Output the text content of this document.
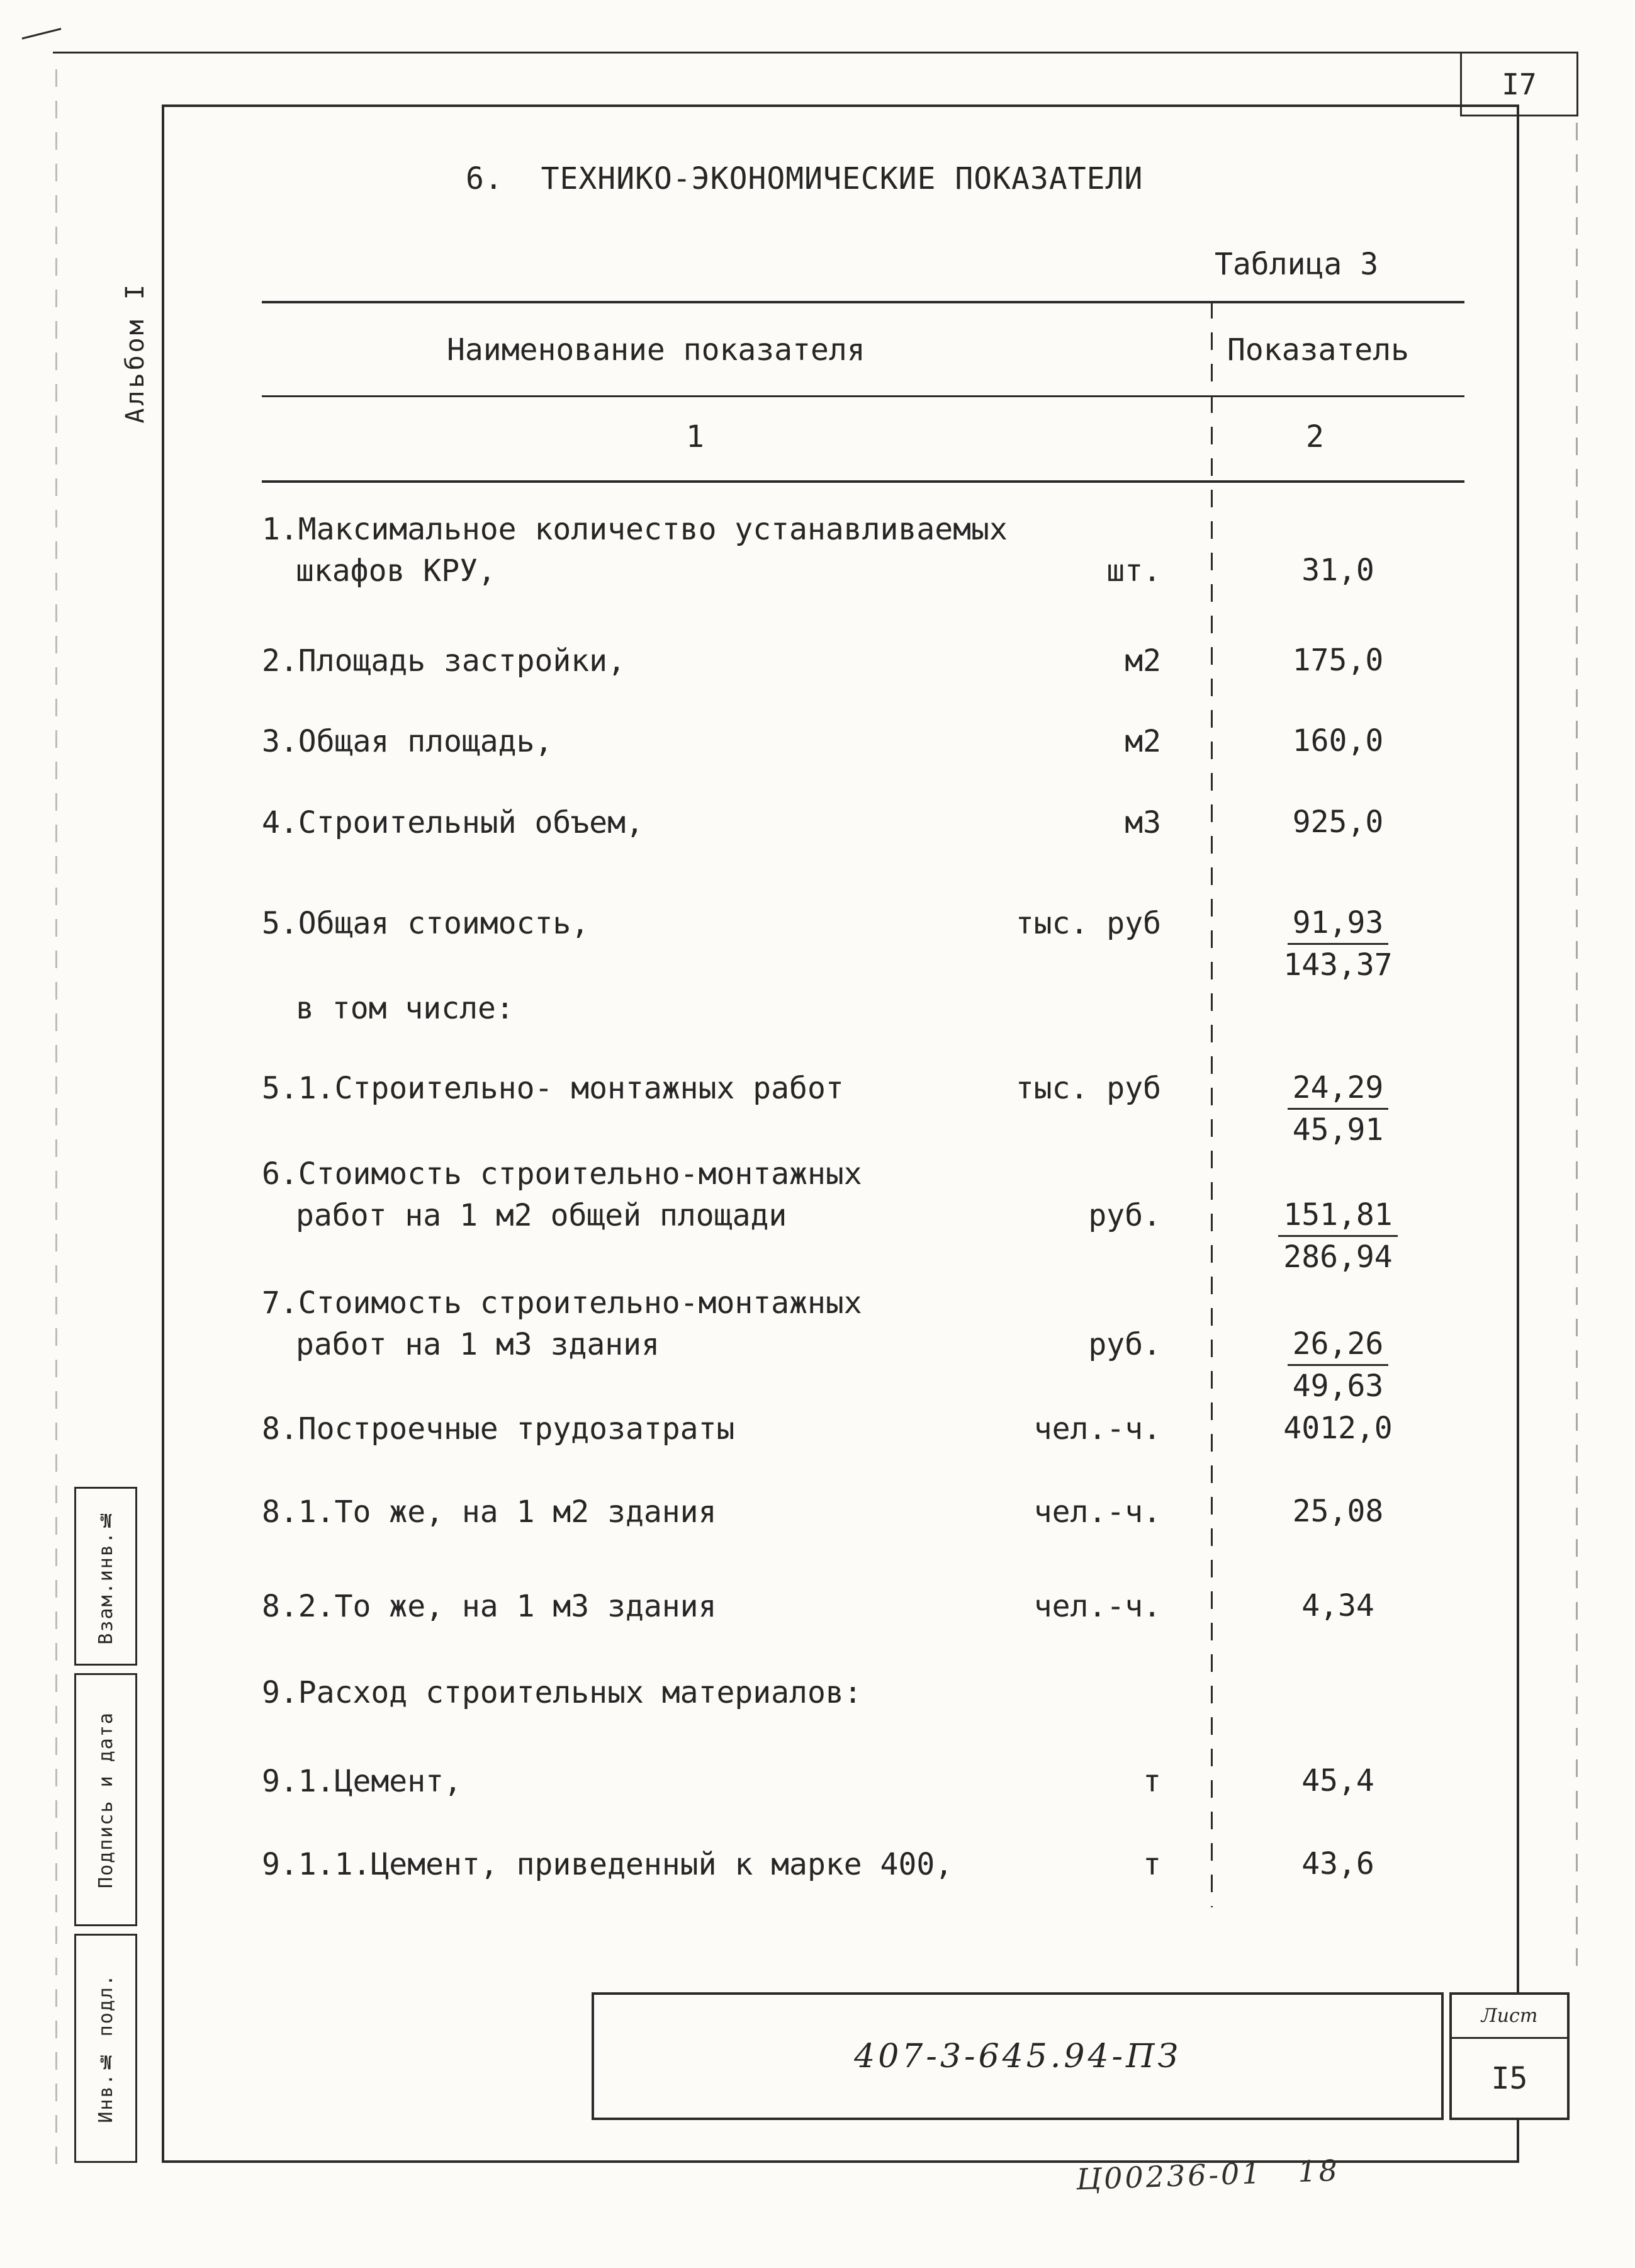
I7
Альбом I
Взам.инв.№
Подпись и дата
Инв.№ подл.
6.  ТЕХНИКО-ЭКОНОМИЧЕСКИЕ ПОКАЗАТЕЛИ
Таблица 3
Наименование показателя	Показатель
1	2
1.Максимальное количество устанавливаемых
шкафов КРУ,	шт.	31,0
2.Площадь застройки,	м2	175,0
3.Общая площадь,	м2	160,0
4.Строительный объем,	м3	925,0
5.Общая стоимость,	тыс. руб $\frac{91,93}{143,37}$
в том числе:
5.1.Строительно- монтажных работ	тыс. руб $\frac{24,29}{45,91}$
6.Стоимость строительно-монтажных
работ на 1 м2 общей площади	руб. $\frac{151,81}{286,94}$
7.Стоимость строительно-монтажных
работ на 1 м3 здания	руб. $\frac{26,26}{49,63}$
8.Построечные трудозатраты	чел.-ч.	4012,0
8.1.То же, на 1 м2 здания	чел.-ч.	25,08
8.2.То же, на 1 м3 здания	чел.-ч.	4,34
9.Расход строительных материалов:
9.1.Цемент,	т	45,4
9.1.1.Цемент, приведенный к марке 400,	т	43,6
407-3-645.94-ПЗ
Лист
I5
Ц00236-01   18
